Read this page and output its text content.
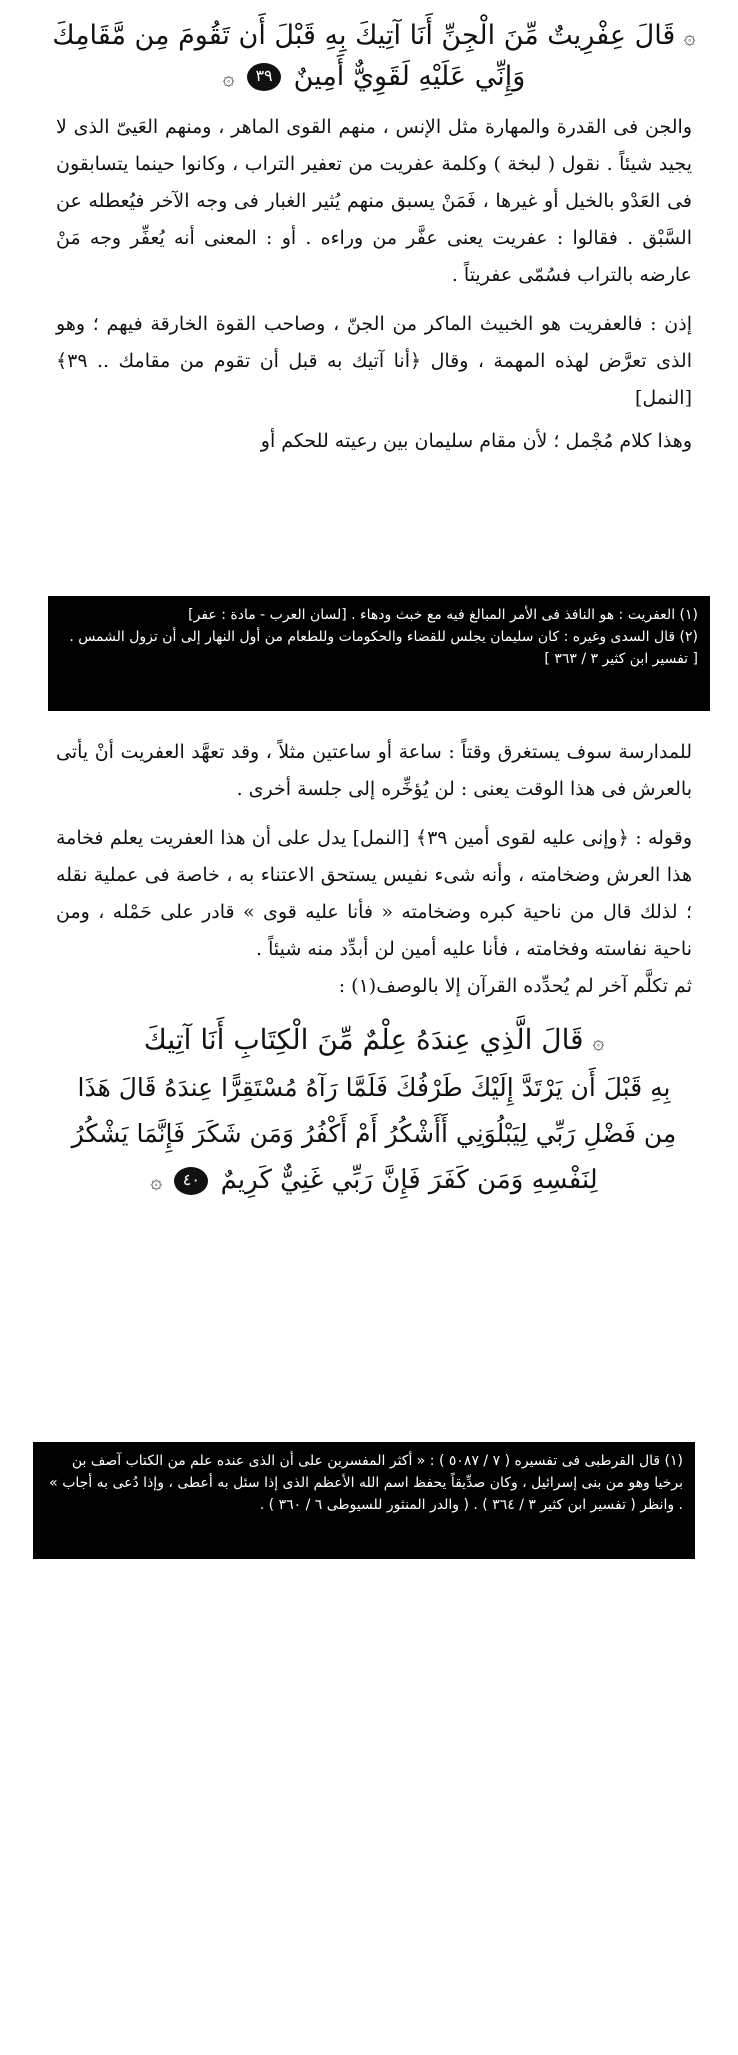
۞ قَالَ عِفْرِيتٌ مِّنَ الْجِنِّ أَنَا آتِيكَ بِهِ قَبْلَ أَن تَقُومَ مِن مَّقَامِكَ

وَإِنِّي عَلَيْهِ لَقَوِيٌّ أَمِينٌ ٣٩ ۞

والجن فى القدرة والمهارة مثل الإنس ، منهم القوى الماهر ، ومنهم العَيىّ الذى لا يجيد شيئاً . نقول ( لبخة ) وكلمة عفريت من تعفير التراب ، وكانوا حينما يتسابقون فى العَدْو بالخيل أو غيرها ، فَمَنْ يسبق منهم يُثير الغبار فى وجه الآخر فيُعطله عن السَّبْق . فقالوا : عفريت يعنى عفَّر من وراءه . أو : المعنى أنه يُعفِّر وجه مَنْ عارضه بالتراب فسُمّى عفريتاً .

إذن : فالعفريت هو الخبيث الماكر من الجنّ ، وصاحب القوة الخارقة فيهم ؛ وهو الذى تعرَّض لهذه المهمة ، وقال ﴿أنا آتيك به قبل أن تقوم من مقامك .. ٣٩﴾ [النمل]

وهذا كلام مُجْمل ؛ لأن مقام سليمان بين رعيته للحكم أو

(١) العفريت : هو النافذ فى الأمر المبالغ فيه مع خبث ودهاء . [لسان العرب - مادة : عفر]
(٢) قال السدى وغيره : كان سليمان يجلس للقضاء والحكومات وللطعام من أول النهار إلى أن تزول الشمس . [ تفسير ابن كثير ٣ / ٣٦٣ ]

للمدارسة سوف يستغرق وقتاً : ساعة أو ساعتين مثلاً ، وقد تعهَّد العفريت أنْ يأتى بالعرش فى هذا الوقت يعنى : لن يُؤخِّره إلى جلسة أخرى .

وقوله : ﴿وإنى عليه لقوى أمين ٣٩﴾ [النمل] يدل على أن هذا العفريت يعلم فخامة هذا العرش وضخامته ، وأنه شىء نفيس يستحق الاعتناء به ، خاصة فى عملية نقله ؛ لذلك قال من ناحية كبره وضخامته « فأنا عليه قوى » قادر على حَمْله ، ومن ناحية نفاسته وفخامته ، فأنا عليه أمين لن أبدِّد منه شيئاً .

ثم تكلَّم آخر لم يُحدِّده القرآن إلا بالوصف(١) :

۞ قَالَ الَّذِي عِندَهُ عِلْمٌ مِّنَ الْكِتَابِ أَنَا آتِيكَ

بِهِ قَبْلَ أَن يَرْتَدَّ إِلَيْكَ طَرْفُكَ فَلَمَّا رَآهُ مُسْتَقِرًّا عِندَهُ قَالَ هَذَا

مِن فَضْلِ رَبِّي لِيَبْلُوَنِي أَأَشْكُرُ أَمْ أَكْفُرُ وَمَن شَكَرَ فَإِنَّمَا يَشْكُرُ

لِنَفْسِهِ وَمَن كَفَرَ فَإِنَّ رَبِّي غَنِيٌّ كَرِيمٌ ٤٠ ۞

(١) قال القرطبى فى تفسيره ( ٧ / ٥٠٨٧ ) : « أكثر المفسرين على أن الذى عنده علم من الكتاب آصف بن برخيا وهو من بنى إسرائيل ، وكان صدِّيقاً يحفظ اسم الله الأعظم الذى إذا سئل به أعطى ، وإذا دُعى به أجاب » . وانظر ( تفسير ابن كثير ٣ / ٣٦٤ ) . ( والدر المنثور للسيوطى ٦ / ٣٦٠ ) .
